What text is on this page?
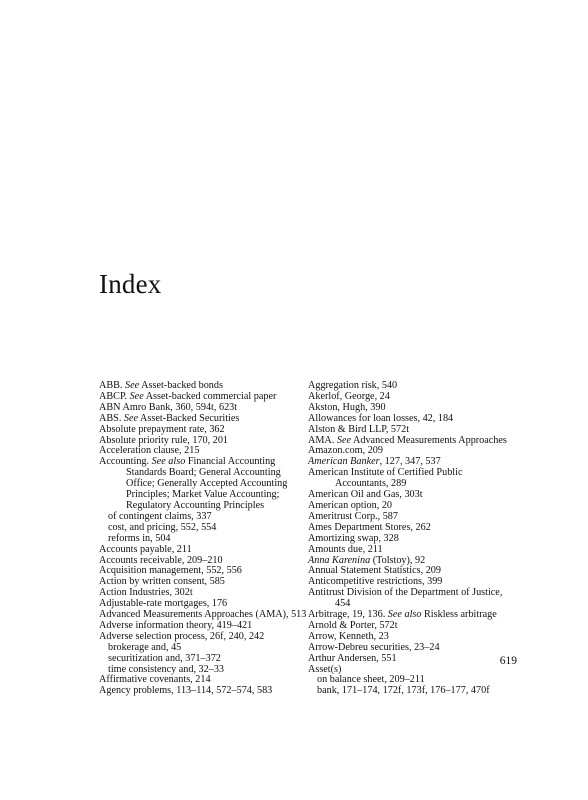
Index
ABB. See Asset-backed bonds
ABCP. See Asset-backed commercial paper
ABN Amro Bank, 360, 594t, 623t
ABS. See Asset-Backed Securities
Absolute prepayment rate, 362
Absolute priority rule, 170, 201
Acceleration clause, 215
Accounting. See also Financial Accounting
Standards Board; General Accounting
Office; Generally Accepted Accounting
Principles; Market Value Accounting;
Regulatory Accounting Principles
of contingent claims, 337
cost, and pricing, 552, 554
reforms in, 504
Accounts payable, 211
Accounts receivable, 209–210
Acquisition management, 552, 556
Action by written consent, 585
Action Industries, 302t
Adjustable-rate mortgages, 176
Advanced Measurements Approaches (AMA), 513
Adverse information theory, 419–421
Adverse selection process, 26f, 240, 242
brokerage and, 45
securitization and, 371–372
time consistency and, 32–33
Affirmative covenants, 214
Agency problems, 113–114, 572–574, 583
Aggregation risk, 540
Akerlof, George, 24
Akston, Hugh, 390
Allowances for loan losses, 42, 184
Alston & Bird LLP, 572t
AMA. See Advanced Measurements Approaches
Amazon.com, 209
American Banker, 127, 347, 537
American Institute of Certified Public
Accountants, 289
American Oil and Gas, 303t
American option, 20
Ameritrust Corp., 587
Ames Department Stores, 262
Amortizing swap, 328
Amounts due, 211
Anna Karenina (Tolstoy), 92
Annual Statement Statistics, 209
Anticompetitive restrictions, 399
Antitrust Division of the Department of Justice,
454
Arbitrage, 19, 136. See also Riskless arbitrage
Arnold & Porter, 572t
Arrow, Kenneth, 23
Arrow-Debreu securities, 23–24
Arthur Andersen, 551
Asset(s)
on balance sheet, 209–211
bank, 171–174, 172f, 173f, 176–177, 470f
619
